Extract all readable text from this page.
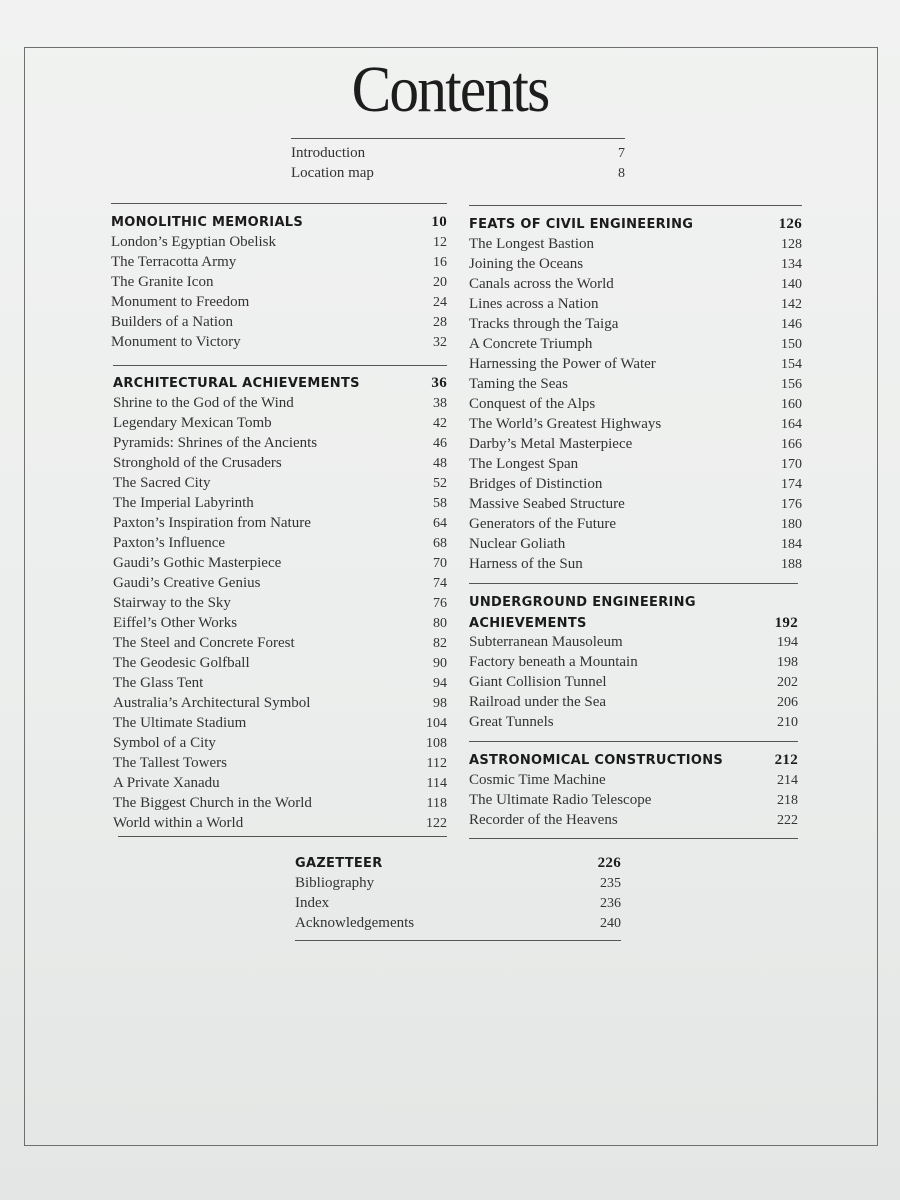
Contents
Introduction	7
Location map	8
MONOLITHIC MEMORIALS	10
London’s Egyptian Obelisk	12
The Terracotta Army	16
The Granite Icon	20
Monument to Freedom	24
Builders of a Nation	28
Monument to Victory	32
ARCHITECTURAL ACHIEVEMENTS	36
Shrine to the God of the Wind	38
Legendary Mexican Tomb	42
Pyramids: Shrines of the Ancients	46
Stronghold of the Crusaders	48
The Sacred City	52
The Imperial Labyrinth	58
Paxton’s Inspiration from Nature	64
Paxton’s Influence	68
Gaudi’s Gothic Masterpiece	70
Gaudi’s Creative Genius	74
Stairway to the Sky	76
Eiffel’s Other Works	80
The Steel and Concrete Forest	82
The Geodesic Golfball	90
The Glass Tent	94
Australia’s Architectural Symbol	98
The Ultimate Stadium	104
Symbol of a City	108
The Tallest Towers	112
A Private Xanadu	114
The Biggest Church in the World	118
World within a World	122
FEATS OF CIVIL ENGINEERING	126
The Longest Bastion	128
Joining the Oceans	134
Canals across the World	140
Lines across a Nation	142
Tracks through the Taiga	146
A Concrete Triumph	150
Harnessing the Power of Water	154
Taming the Seas	156
Conquest of the Alps	160
The World’s Greatest Highways	164
Darby’s Metal Masterpiece	166
The Longest Span	170
Bridges of Distinction	174
Massive Seabed Structure	176
Generators of the Future	180
Nuclear Goliath	184
Harness of the Sun	188
UNDERGROUND ENGINEERING
ACHIEVEMENTS	192
Subterranean Mausoleum	194
Factory beneath a Mountain	198
Giant Collision Tunnel	202
Railroad under the Sea	206
Great Tunnels	210
ASTRONOMICAL CONSTRUCTIONS	212
Cosmic Time Machine	214
The Ultimate Radio Telescope	218
Recorder of the Heavens	222
GAZETTEER	226
Bibliography	235
Index	236
Acknowledgements	240
